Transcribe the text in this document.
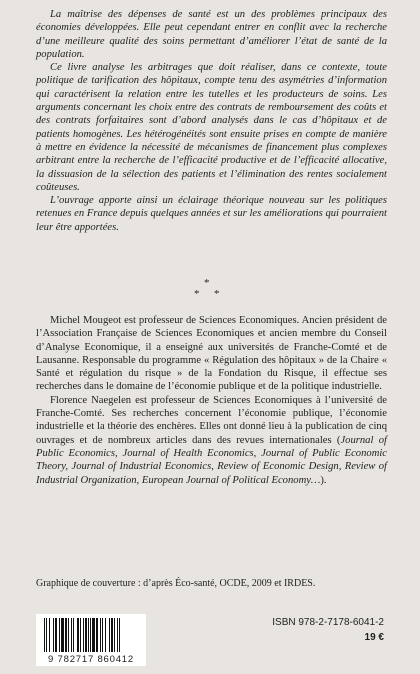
La maîtrise des dépenses de santé est un des problèmes principaux des économies développées. Elle peut cependant entrer en conflit avec la recherche d’une meilleure qualité des soins permettant d’améliorer l’état de santé de la population.

Ce livre analyse les arbitrages que doit réaliser, dans ce contexte, toute politique de tarification des hôpitaux, compte tenu des asymétries d’information qui caractérisent la relation entre les tutelles et les producteurs de soins. Les arguments concernant les choix entre des contrats de remboursement des coûts et des contrats forfaitaires sont d’abord analysés dans le cas d’hôpitaux et de patients homogènes. Les hétérogénéités sont ensuite prises en compte de manière à mettre en évidence la nécessité de mécanismes de financement plus complexes arbitrant entre la recherche de l’efficacité productive et de l’efficacité allocative, la dissuasion de la sélection des patients et l’élimination des rentes socialement coûteuses.

L’ouvrage apporte ainsi un éclairage théorique nouveau sur les politiques retenues en France depuis quelques années et sur les améliorations qui pourraient leur être apportées.

*
* *

Michel Mougeot est professeur de Sciences Economiques. Ancien président de l’Association Française de Sciences Economiques et ancien membre du Conseil d’Analyse Economique, il a enseigné aux universités de Franche-Comté et de Lausanne. Responsable du programme « Régulation des hôpitaux » de la Chaire « Santé et régulation du risque » de la Fondation du Risque, il effectue ses recherches dans le domaine de l’économie publique et de la politique industrielle.

Florence Naegelen est professeur de Sciences Economiques à l’université de Franche-Comté. Ses recherches concernent l’économie publique, l’économie industrielle et la théorie des enchères. Elles ont donné lieu à la publication de cinq ouvrages et de nombreux articles dans des revues internationales (Journal of Public Economics, Journal of Health Economics, Journal of Public Economic Theory, Journal of Industrial Economics, Review of Economic Design, Review of Industrial Organization, European Journal of Political Economy…).

Graphique de couverture : d’après Éco-santé, OCDE, 2009 et IRDES.
9 782717 860412
ISBN 978-2-7178-6041-2
19 €
